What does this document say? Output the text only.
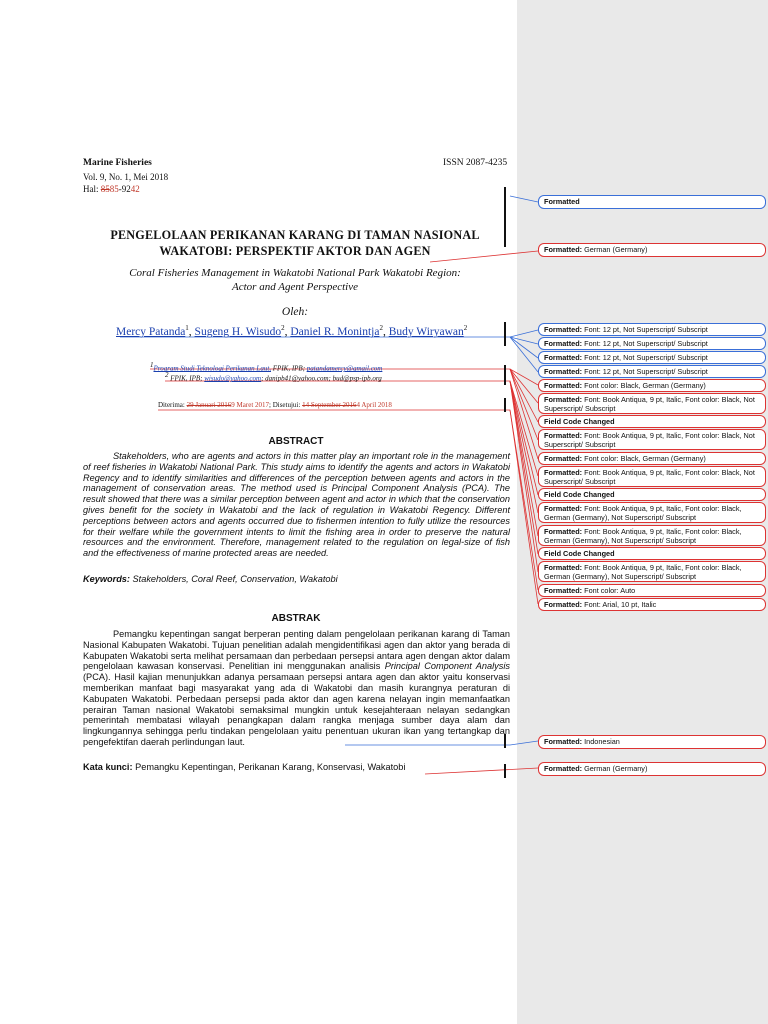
Marine Fisheries	ISSN 2087-4235
Vol. 9, No. 1, Mei 2018
Hal: 8585-9242
PENGELOLAAN PERIKANAN KARANG DI TAMAN NASIONAL
WAKATOBI: PERSPEKTIF AKTOR DAN AGEN
Coral Fisheries Management in Wakatobi National Park Wakatobi Region:
Actor and Agent Perspective
Oleh:
Mercy Patanda$^1$, Sugeng H. Wisudo$^2$, Daniel R. Monintja$^2$, Budy Wiryawan$^2$
$^1$Program Studi Teknologi Perikanan Laut, FPIK, IPB; patandamercy@gmail.com
$^2$ FPIK, IPB; wisudo@yahoo.com; danipb41@yahoo.com; bud@psp-ipb.org
Diterima: 29 Januari 20169 Maret 2017; Disetujui: 14 September 20164 April 2018
ABSTRACT
Stakeholders, who are agents and actors in this matter play an important role in the management of reef fisheries in Wakatobi National Park. This study aims to identify the agents and actors in Wakatobi Regency and to identify similarities and differences of the perception between agents and actors in the management of conservation areas. The method used is Principal Component Analysis (PCA). The result showed that there was a similar perception between agent and actor in which that the conservation gives benefit for the society in Wakatobi and the lack of regulation in Wakatobi Regency. Different perceptions between actors and agents occurred due to fishermen intention to fully utilize the resources for their welfare while the government intents to limit the fishing area in order to preserve the natural resources and the environment. Therefore, management related to the regulation on legal-size of fish and the effectiveness of marine protected areas are needed.
Keywords: Stakeholders, Coral Reef, Conservation, Wakatobi
ABSTRAK
Pemangku kepentingan sangat berperan penting dalam pengelolaan perikanan karang di Taman Nasional Kabupaten Wakatobi. Tujuan penelitian adalah mengidentifikasi agen dan aktor yang berada di Kabupaten Wakatobi serta melihat persamaan dan perbedaan persepsi antara agen dengan aktor dalam pengelolaan kawasan konservasi. Penelitian ini menggunakan analisis Principal Component Analysis (PCA). Hasil kajian menunjukkan adanya persamaan persepsi antara agen dan aktor yaitu konservasi memberikan manfaat bagi masyarakat yang ada di Wakatobi dan masih kurangnya peraturan di Kabupaten Wakatobi. Perbedaan persepsi pada aktor dan agen karena nelayan ingin memanfaatkan perairan Taman nasional Wakatobi semaksimal mungkin untuk kesejahteraan nelayan sedangkan pemerintah membatasi wilayah penangkapan dalam rangka menjaga sumber daya alam dan lingkungannya sehingga perlu tindakan pengelolaan yaitu penentuan ukuran ikan yang tertangkap dan pengefektifan daerah perlindungan laut.
Kata kunci: Pemangku Kepentingan, Perikanan Karang, Konservasi, Wakatobi
Formatted
Formatted: German (Germany)
Formatted: Font: 12 pt, Not Superscript/ Subscript
Formatted: Font: 12 pt, Not Superscript/ Subscript
Formatted: Font: 12 pt, Not Superscript/ Subscript
Formatted: Font: 12 pt, Not Superscript/ Subscript
Formatted: Font color: Black, German (Germany)
Formatted: Font: Book Antiqua, 9 pt, Italic, Font color: Black, Not Superscript/ Subscript
Field Code Changed
Formatted: Font: Book Antiqua, 9 pt, Italic, Font color: Black, Not Superscript/ Subscript
Formatted: Font color: Black, German (Germany)
Formatted: Font: Book Antiqua, 9 pt, Italic, Font color: Black, Not Superscript/ Subscript
Field Code Changed
Formatted: Font: Book Antiqua, 9 pt, Italic, Font color: Black, German (Germany), Not Superscript/ Subscript
Formatted: Font: Book Antiqua, 9 pt, Italic, Font color: Black, German (Germany), Not Superscript/ Subscript
Field Code Changed
Formatted: Font: Book Antiqua, 9 pt, Italic, Font color: Black, German (Germany), Not Superscript/ Subscript
Formatted: Font color: Auto
Formatted: Font: Arial, 10 pt, Italic
Formatted: Indonesian
Formatted: German (Germany)
